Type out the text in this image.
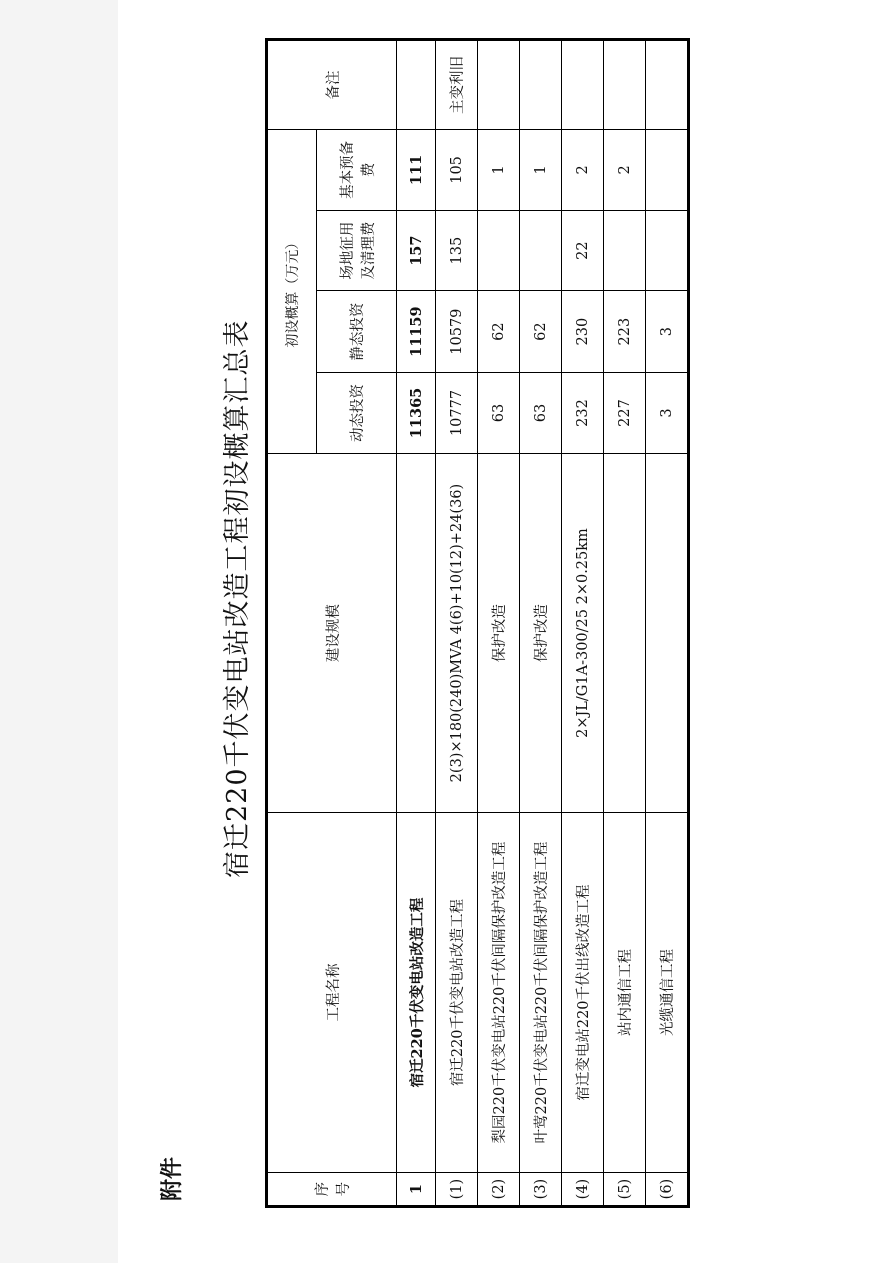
附件
宿迁220千伏变电站改造工程初设概算汇总表
序号	工程名称	建设规模	初设概算（万元）				备注
			动态投资	静态投资	场地征用及清理费	基本预备费	
1	宿迁220千伏变电站改造工程		11365	11159	157	111	
(1)	宿迁220千伏变电站改造工程	2(3)×180(240)MVA 4(6)+10(12)+24(36)	10777	10579	135	105	主变利旧
(2)	梨园220千伏变电站220千伏间隔保护改造工程	保护改造	63	62		1	
(3)	叶莺220千伏变电站220千伏间隔保护改造工程	保护改造	63	62		1	
(4)	宿迁变电站220千伏出线改造工程	2×JL/G1A-300/25 2×0.25km	232	230	22	2	
(5)	站内通信工程		227	223		2	
(6)	光缆通信工程		3	3			
